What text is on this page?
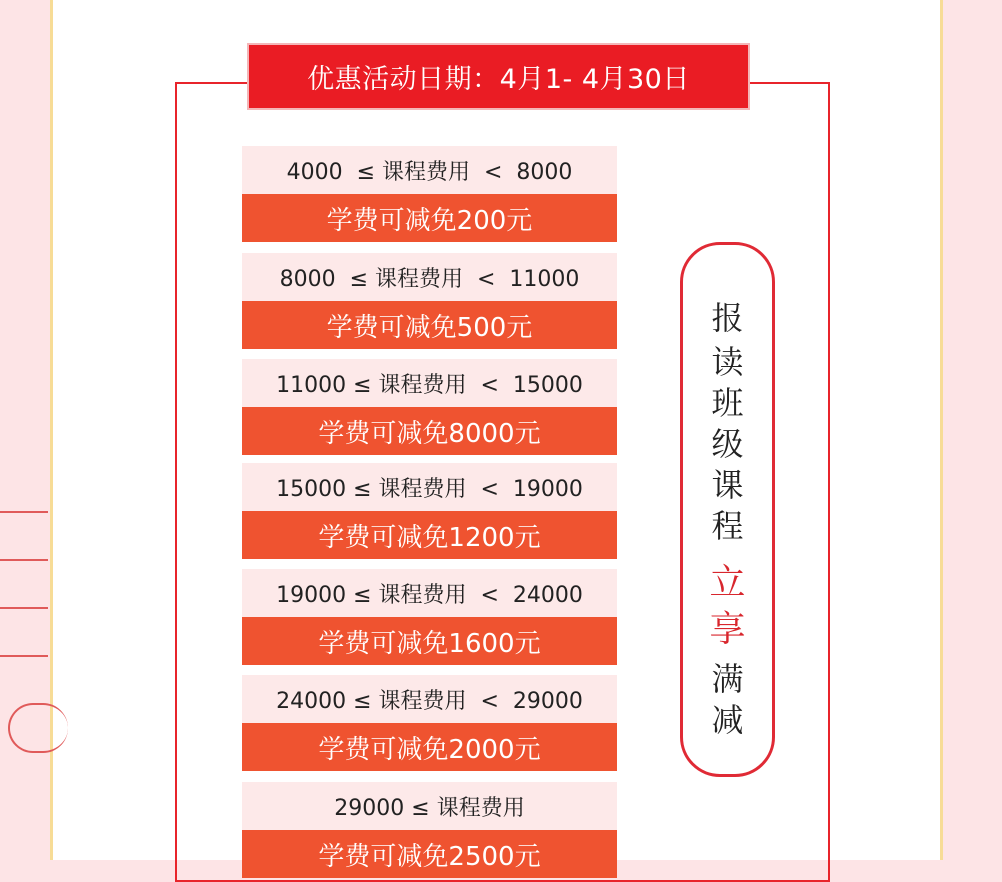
优惠活动日期：4月1- 4月30日
4000  ≤ 课程费用  <  8000
学费可减免200元
8000  ≤ 课程费用  <  11000
学费可减免500元
11000 ≤ 课程费用  <  15000
学费可减免8000元
15000 ≤ 课程费用  <  19000
学费可减免1200元
19000 ≤ 课程费用  <  24000
学费可减免1600元
24000 ≤ 课程费用  <  29000
学费可减免2000元
29000 ≤ 课程费用
学费可减免2500元
报
读
班
级
课
程
立
享
满
减
